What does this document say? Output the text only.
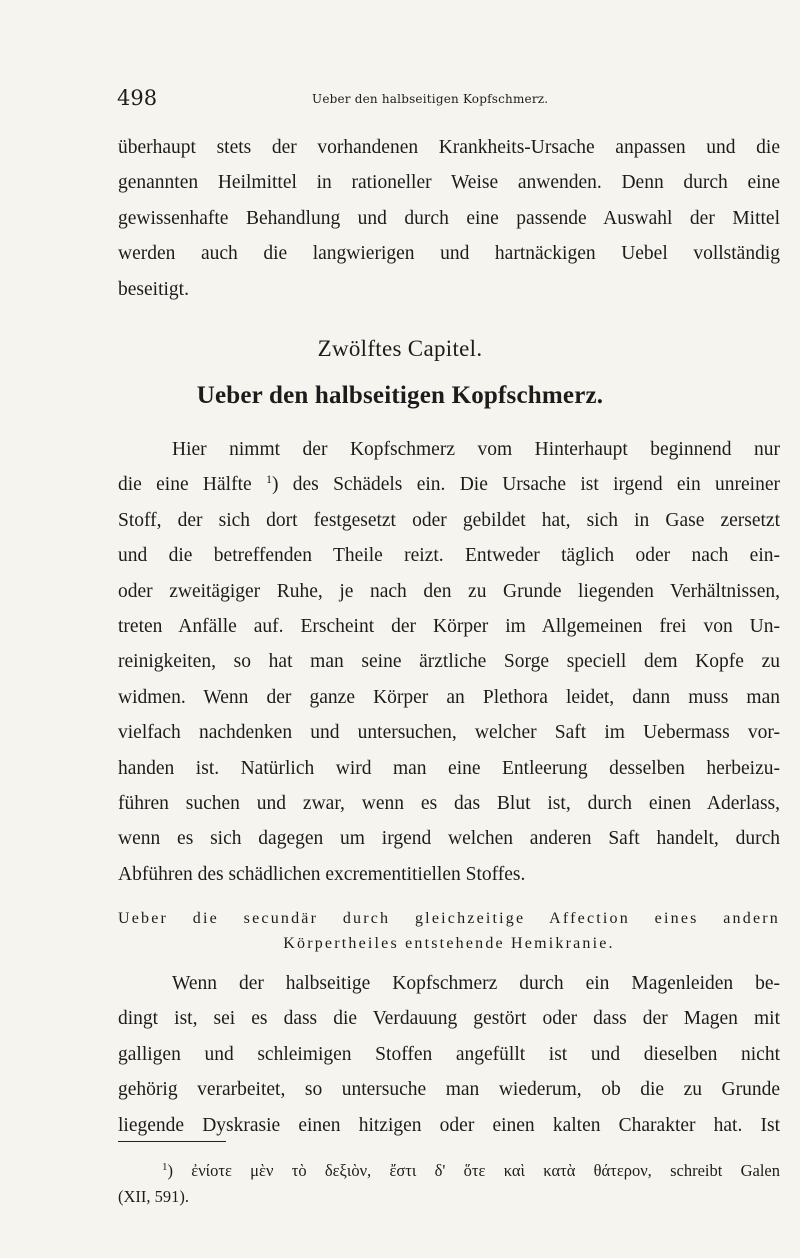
498	Ueber den halbseitigen Kopfschmerz.
überhaupt stets der vorhandenen Krankheits-Ursache anpassen und die
genannten Heilmittel in rationeller Weise anwenden. Denn durch eine
gewissenhafte Behandlung und durch eine passende Auswahl der Mittel
werden auch die langwierigen und hartnäckigen Uebel vollständig
beseitigt.
Zwölftes Capitel.
Ueber den halbseitigen Kopfschmerz.
Hier nimmt der Kopfschmerz vom Hinterhaupt beginnend nur
die eine Hälfte $^1$) des Schädels ein. Die Ursache ist irgend ein unreiner
Stoff, der sich dort festgesetzt oder gebildet hat, sich in Gase zersetzt
und die betreffenden Theile reizt. Entweder täglich oder nach ein-
oder zweitägiger Ruhe, je nach den zu Grunde liegenden Verhältnissen,
treten Anfälle auf. Erscheint der Körper im Allgemeinen frei von Un-
reinigkeiten, so hat man seine ärztliche Sorge speciell dem Kopfe zu
widmen. Wenn der ganze Körper an Plethora leidet, dann muss man
vielfach nachdenken und untersuchen, welcher Saft im Uebermass vor-
handen ist. Natürlich wird man eine Entleerung desselben herbeizu-
führen suchen und zwar, wenn es das Blut ist, durch einen Aderlass,
wenn es sich dagegen um irgend welchen anderen Saft handelt, durch
Abführen des schädlichen excrementitiellen Stoffes.
Ueber die secundär durch gleichzeitige Affection eines andern
Körpertheiles entstehende Hemikranie.
Wenn der halbseitige Kopfschmerz durch ein Magenleiden be-
dingt ist, sei es dass die Verdauung gestört oder dass der Magen mit
galligen und schleimigen Stoffen angefüllt ist und dieselben nicht
gehörig verarbeitet, so untersuche man wiederum, ob die zu Grunde
liegende Dyskrasie einen hitzigen oder einen kalten Charakter hat. Ist
$^1$) ἐνίοτε μὲν τὸ δεξιὸν, ἔστι δ' ὅτε καὶ κατὰ θάτερον, schreibt Galen
(XII, 591).
